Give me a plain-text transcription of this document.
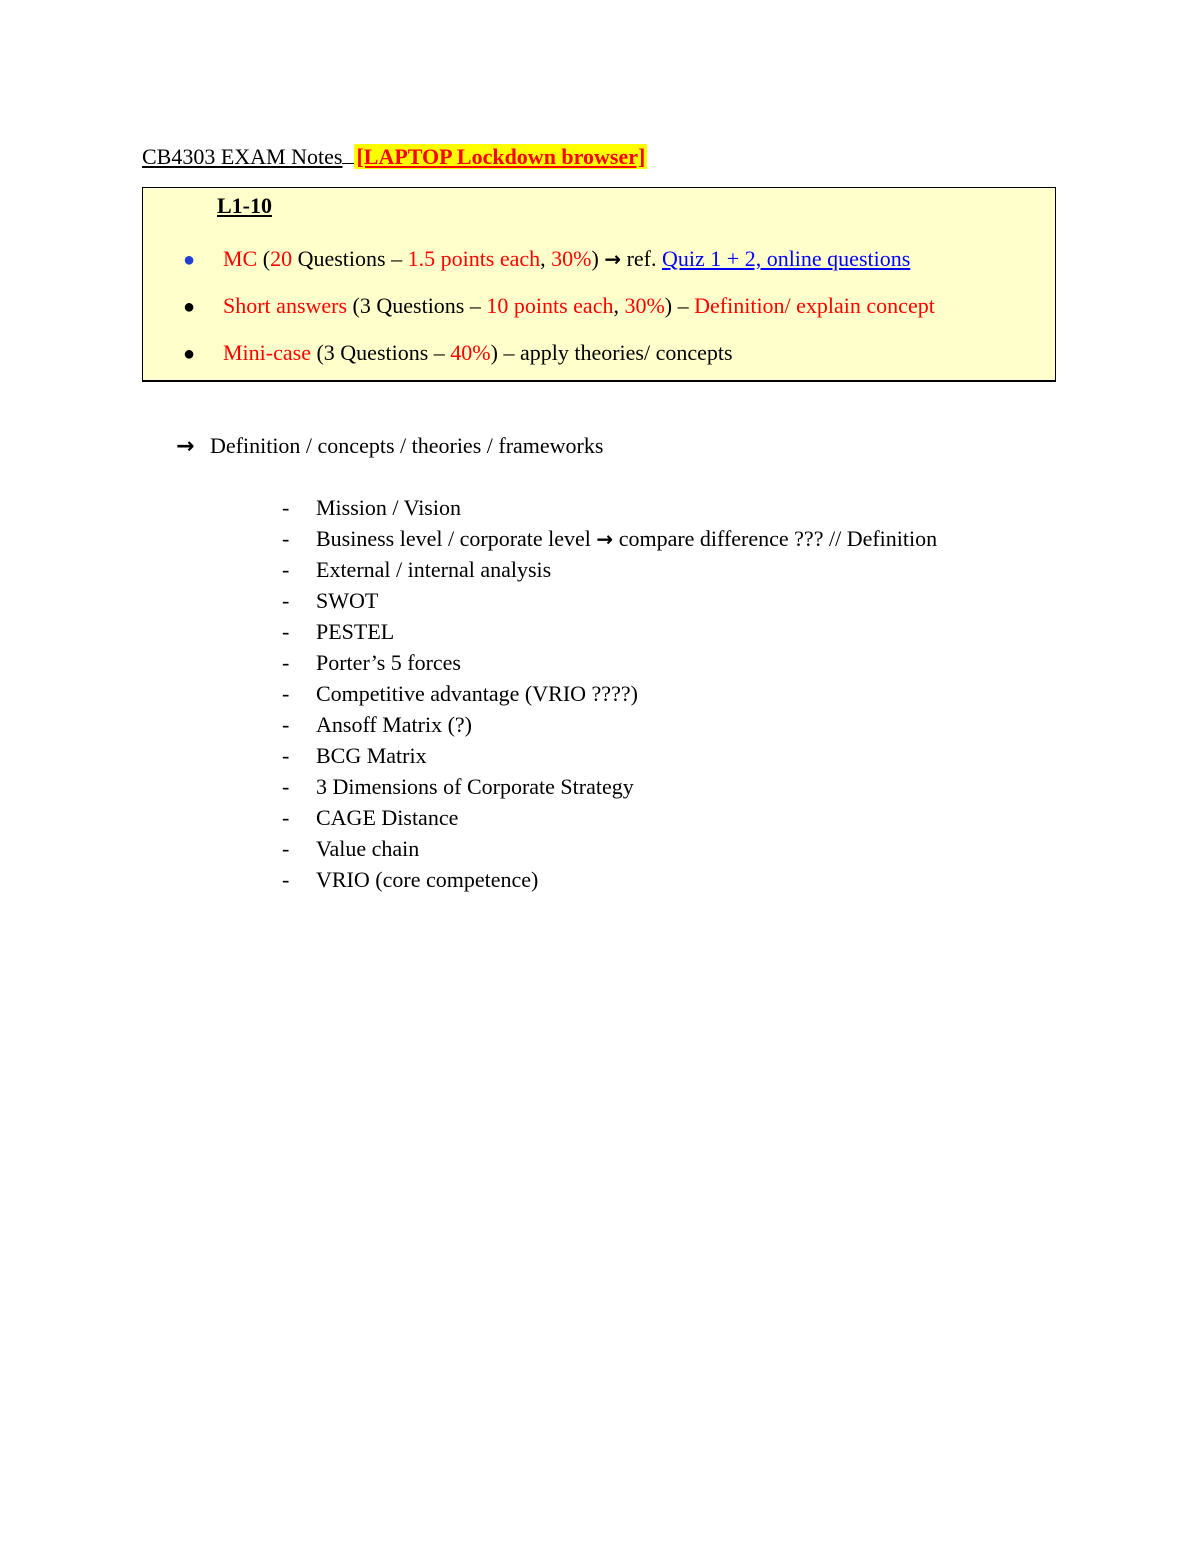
CB4303 EXAM Notes [LAPTOP Lockdown browser]
L1-10
● MC (20 Questions – 1.5 points each, 30%) → ref. Quiz 1 + 2, online questions
● Short answers (3 Questions – 10 points each, 30%) – Definition/ explain concept
● Mini-case (3 Questions – 40%) – apply theories/ concepts
→ Definition / concepts / theories / frameworks
- Mission / Vision
- Business level / corporate level → compare difference ??? // Definition
- External / internal analysis
- SWOT
- PESTEL
- Porter’s 5 forces
- Competitive advantage (VRIO ????)
- Ansoff Matrix (?)
- BCG Matrix
- 3 Dimensions of Corporate Strategy
- CAGE Distance
- Value chain
- VRIO (core competence)
